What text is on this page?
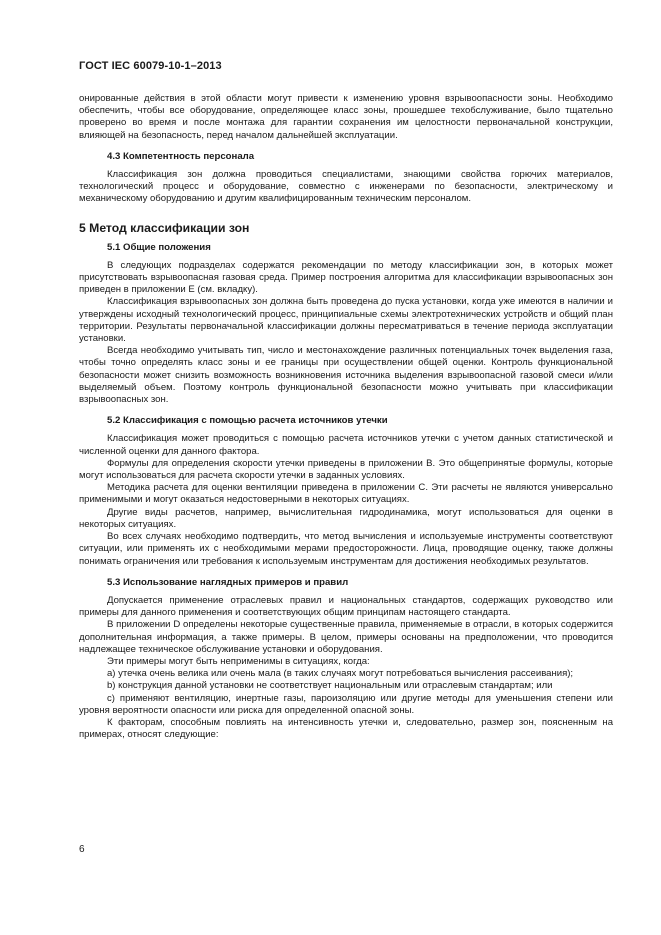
ГОСТ IEC 60079-10-1–2013

онированные действия в этой области могут привести к изменению уровня взрывоопасности зоны. Необходимо обеспечить, чтобы все оборудование, определяющее класс зоны, прошедшее техобслуживание, было тщательно проверено во время и после монтажа для гарантии сохранения им целостности первоначальной конструкции, влияющей на безопасность, перед началом дальнейшей эксплуатации.

4.3 Компетентность персонала

Классификация зон должна проводиться специалистами, знающими свойства горючих материалов, технологический процесс и оборудование, совместно с инженерами по безопасности, электрическому и механическому оборудованию и другим квалифицированным техническим персоналом.

5 Метод классификации зон

5.1 Общие положения

В следующих подразделах содержатся рекомендации по методу классификации зон, в которых может присутствовать взрывоопасная газовая среда. Пример построения алгоритма для классификации взрывоопасных зон приведен в приложении Е (см. вкладку).

Классификация взрывоопасных зон должна быть проведена до пуска установки, когда уже имеются в наличии и утверждены исходный технологический процесс, принципиальные схемы электротехнических устройств и общий план территории. Результаты первоначальной классификации должны пересматриваться в течение периода эксплуатации установки.

Всегда необходимо учитывать тип, число и местонахождение различных потенциальных точек выделения газа, чтобы точно определять класс зоны и ее границы при осуществлении общей оценки. Контроль функциональной безопасности может снизить возможность возникновения источника выделения взрывоопасной газовой смеси и/или выделяемый объем. Поэтому контроль функциональной безопасности можно учитывать при классификации взрывоопасных зон.

5.2 Классификация с помощью расчета источников утечки

Классификация может проводиться с помощью расчета источников утечки с учетом данных статистической и численной оценки для данного фактора.

Формулы для определения скорости утечки приведены в приложении В. Это общепринятые формулы, которые могут использоваться для расчета скорости утечки в заданных условиях.

Методика расчета для оценки вентиляции приведена в приложении С. Эти расчеты не являются универсально применимыми и могут оказаться недостоверными в некоторых ситуациях.

Другие виды расчетов, например, вычислительная гидродинамика, могут использоваться для оценки в некоторых ситуациях.

Во всех случаях необходимо подтвердить, что метод вычисления и используемые инструменты соответствуют ситуации, или применять их с необходимыми мерами предосторожности. Лица, проводящие оценку, также должны понимать ограничения или требования к используемым инструментам для достижения необходимых результатов.

5.3 Использование наглядных примеров и правил

Допускается применение отраслевых правил и национальных стандартов, содержащих руководство или примеры для данного применения и соответствующих общим принципам настоящего стандарта.

В приложении D определены некоторые существенные правила, применяемые в отрасли, в которых содержится дополнительная информация, а также примеры. В целом, примеры основаны на предположении, что проводится надлежащее техническое обслуживание установки и оборудования.

Эти примеры могут быть неприменимы в ситуациях, когда:

a) утечка очень велика или очень мала (в таких случаях могут потребоваться вычисления рассеивания);

b) конструкция данной установки не соответствует национальным или отраслевым стандартам; или

c) применяют вентиляцию, инертные газы, пароизоляцию или другие методы для уменьшения степени или уровня вероятности опасности или риска для определенной опасной зоны.

К факторам, способным повлиять на интенсивность утечки и, следовательно, размер зон, поясненным на примерах, относят следующие:

6
